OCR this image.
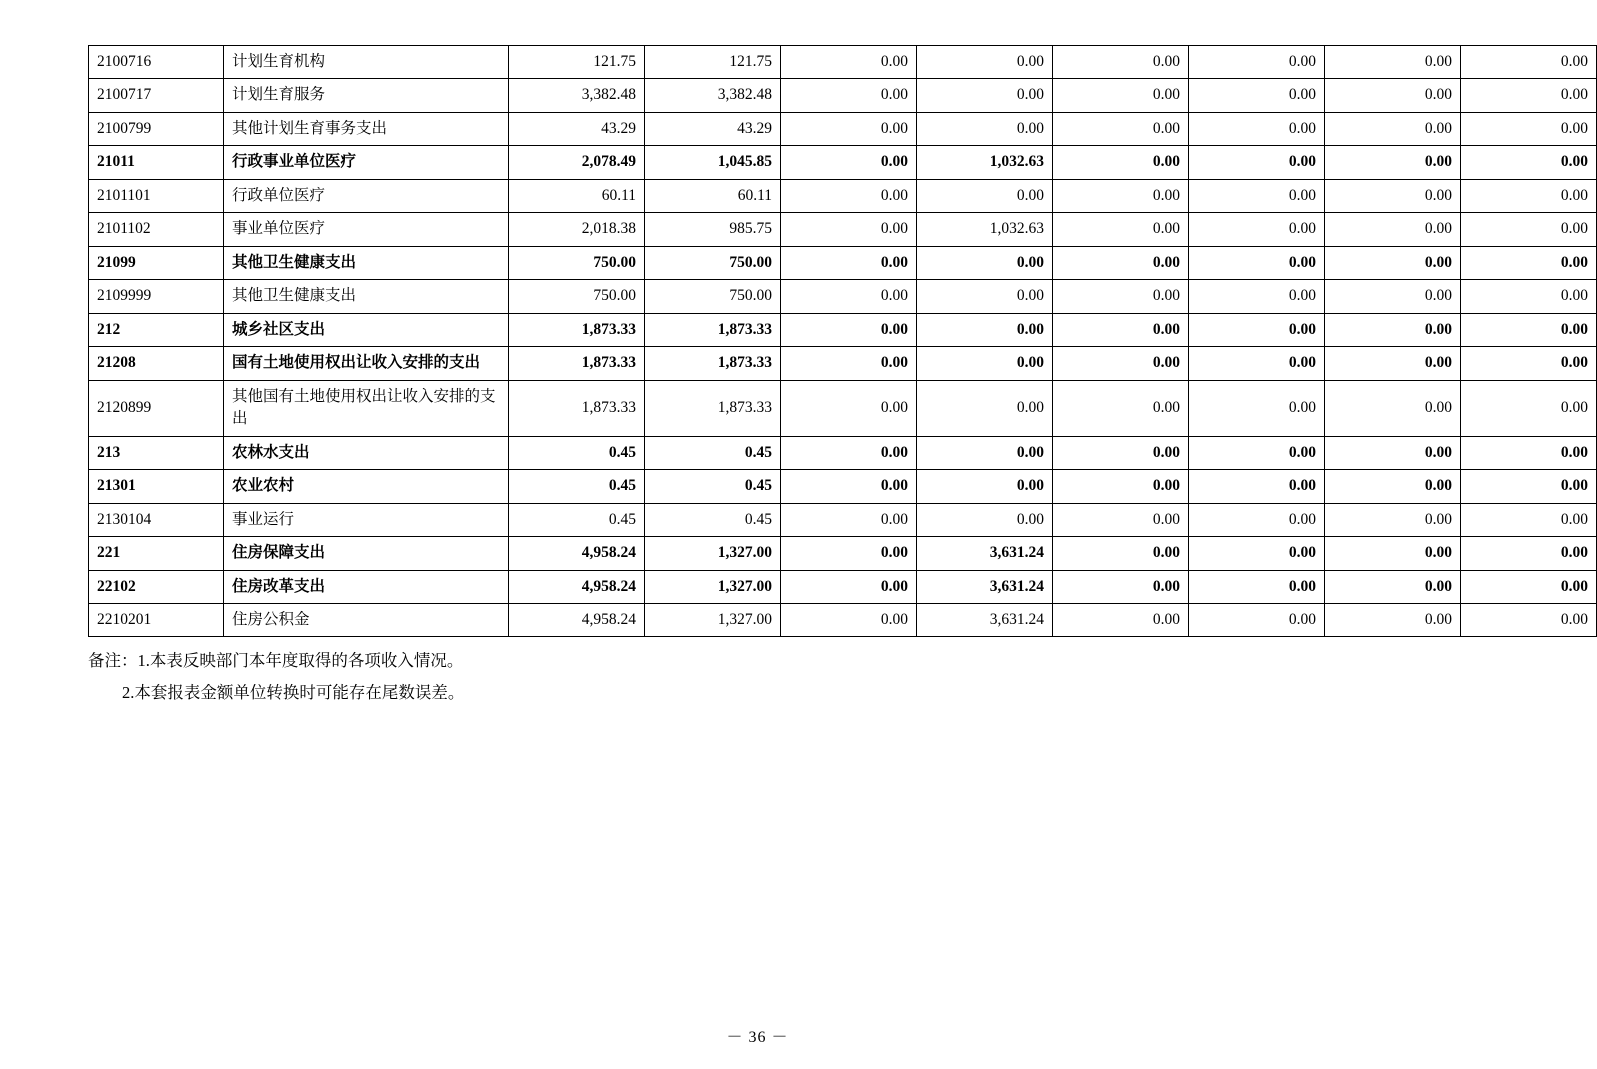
2100716	计划生育机构	121.75	121.75	0.00	0.00	0.00	0.00	0.00	0.00
2100717	计划生育服务	3,382.48	3,382.48	0.00	0.00	0.00	0.00	0.00	0.00
2100799	其他计划生育事务支出	43.29	43.29	0.00	0.00	0.00	0.00	0.00	0.00
21011	行政事业单位医疗	2,078.49	1,045.85	0.00	1,032.63	0.00	0.00	0.00	0.00
2101101	行政单位医疗	60.11	60.11	0.00	0.00	0.00	0.00	0.00	0.00
2101102	事业单位医疗	2,018.38	985.75	0.00	1,032.63	0.00	0.00	0.00	0.00
21099	其他卫生健康支出	750.00	750.00	0.00	0.00	0.00	0.00	0.00	0.00
2109999	其他卫生健康支出	750.00	750.00	0.00	0.00	0.00	0.00	0.00	0.00
212	城乡社区支出	1,873.33	1,873.33	0.00	0.00	0.00	0.00	0.00	0.00
21208	国有土地使用权出让收入安排的支出	1,873.33	1,873.33	0.00	0.00	0.00	0.00	0.00	0.00
2120899	其他国有土地使用权出让收入安排的支出	1,873.33	1,873.33	0.00	0.00	0.00	0.00	0.00	0.00
213	农林水支出	0.45	0.45	0.00	0.00	0.00	0.00	0.00	0.00
21301	农业农村	0.45	0.45	0.00	0.00	0.00	0.00	0.00	0.00
2130104	事业运行	0.45	0.45	0.00	0.00	0.00	0.00	0.00	0.00
221	住房保障支出	4,958.24	1,327.00	0.00	3,631.24	0.00	0.00	0.00	0.00
22102	住房改革支出	4,958.24	1,327.00	0.00	3,631.24	0.00	0.00	0.00	0.00
2210201	住房公积金	4,958.24	1,327.00	0.00	3,631.24	0.00	0.00	0.00	0.00
备注：1.本表反映部门本年度取得的各项收入情况。
2.本套报表金额单位转换时可能存在尾数误差。
－ 36 －
